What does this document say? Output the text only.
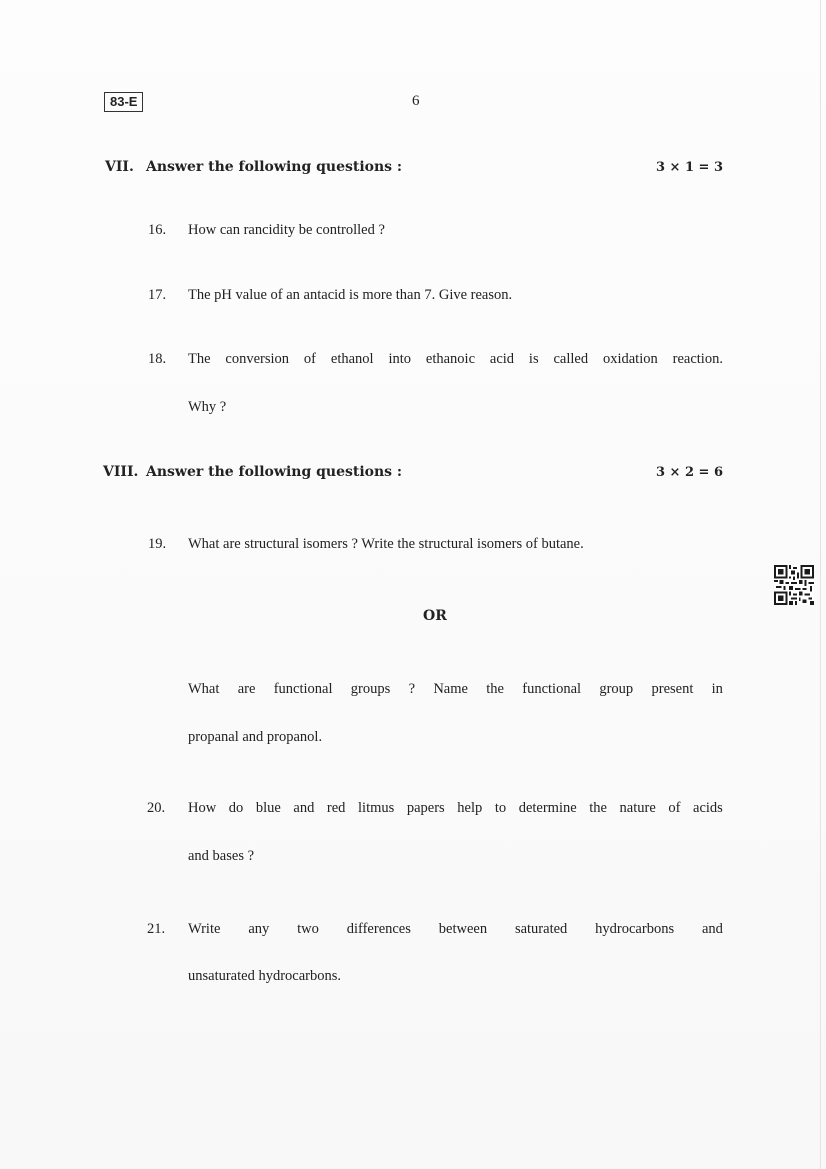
83-E	6
VII. Answer the following questions :	3 × 1 = 3
16. How can rancidity be controlled ?
17. The pH value of an antacid is more than 7. Give reason.
18. The conversion of ethanol into ethanoic acid is called oxidation reaction.
Why ?
VIII. Answer the following questions :	3 × 2 = 6
19. What are structural isomers ? Write the structural isomers of butane.
OR
What are functional groups ? Name the functional group present in
propanal and propanol.
20. How do blue and red litmus papers help to determine the nature of acids
and bases ?
21. Write any two differences between saturated hydrocarbons and
unsaturated hydrocarbons.
